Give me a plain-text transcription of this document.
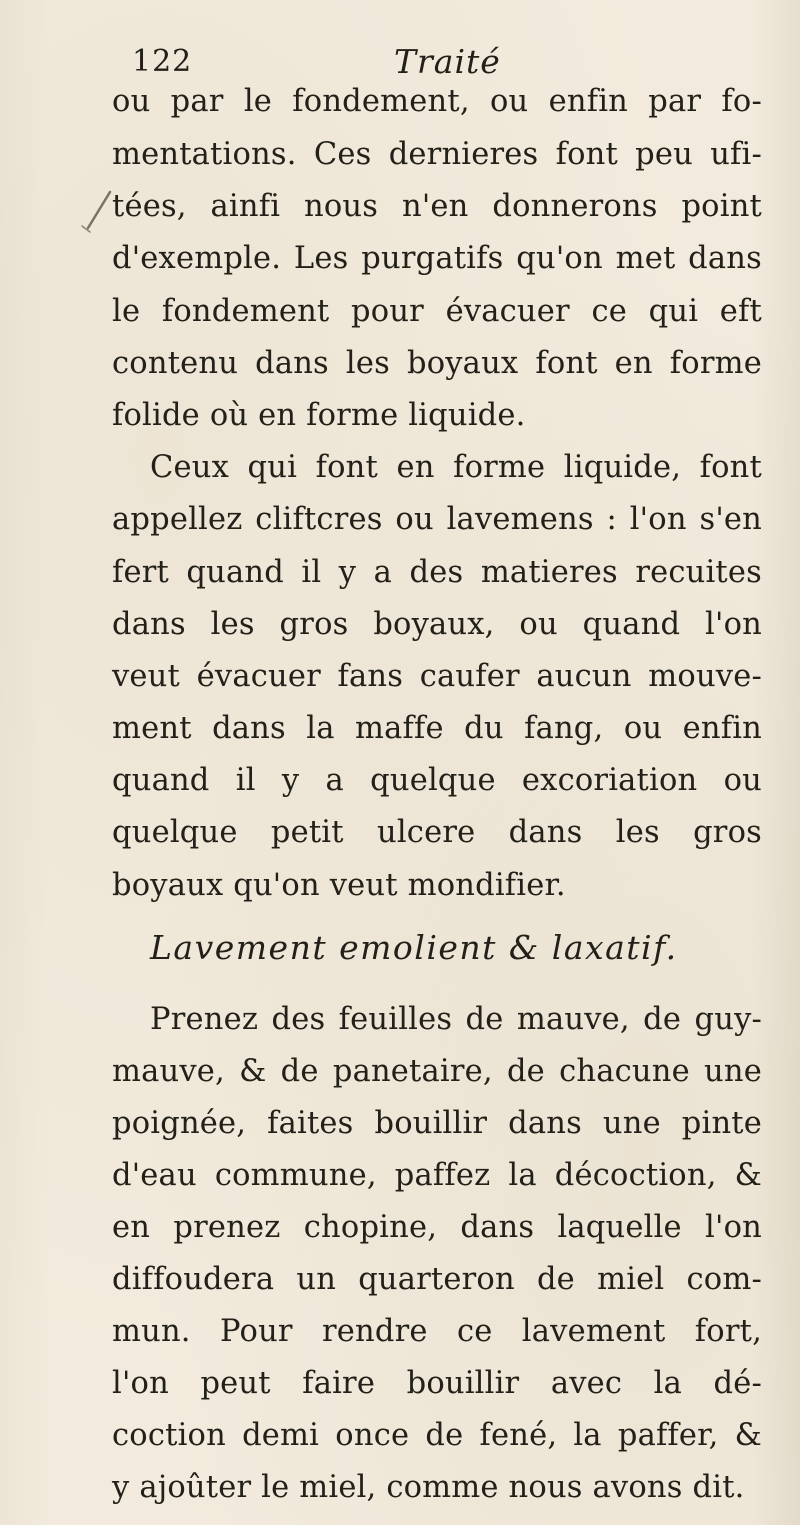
122	Traité
ou par le fondement, ou enfin par fo-
mentations. Ces dernieres font peu ufi-
tées, ainfi nous n'en donnerons point
d'exemple. Les purgatifs qu'on met dans
le fondement pour évacuer ce qui eft
contenu dans les boyaux font en forme
folide où en forme liquide.
Ceux qui font en forme liquide, font
appellez cliftcres ou lavemens : l'on s'en
fert quand il y a des matieres recuites
dans les gros boyaux, ou quand l'on
veut évacuer fans caufer aucun mouve-
ment dans la maffe du fang, ou enfin
quand il y a quelque excoriation ou
quelque petit ulcere dans les gros
boyaux qu'on veut mondifier.
Lavement emolient & laxatif.
Prenez des feuilles de mauve, de guy-
mauve, & de panetaire, de chacune une
poignée, faites bouillir dans une pinte
d'eau commune, paffez la décoction, &
en prenez chopine, dans laquelle l'on
diffoudera un quarteron de miel com-
mun. Pour rendre ce lavement fort,
l'on peut faire bouillir avec la dé-
coction demi once de fené, la paffer, &
y ajoûter le miel, comme nous avons dit.
